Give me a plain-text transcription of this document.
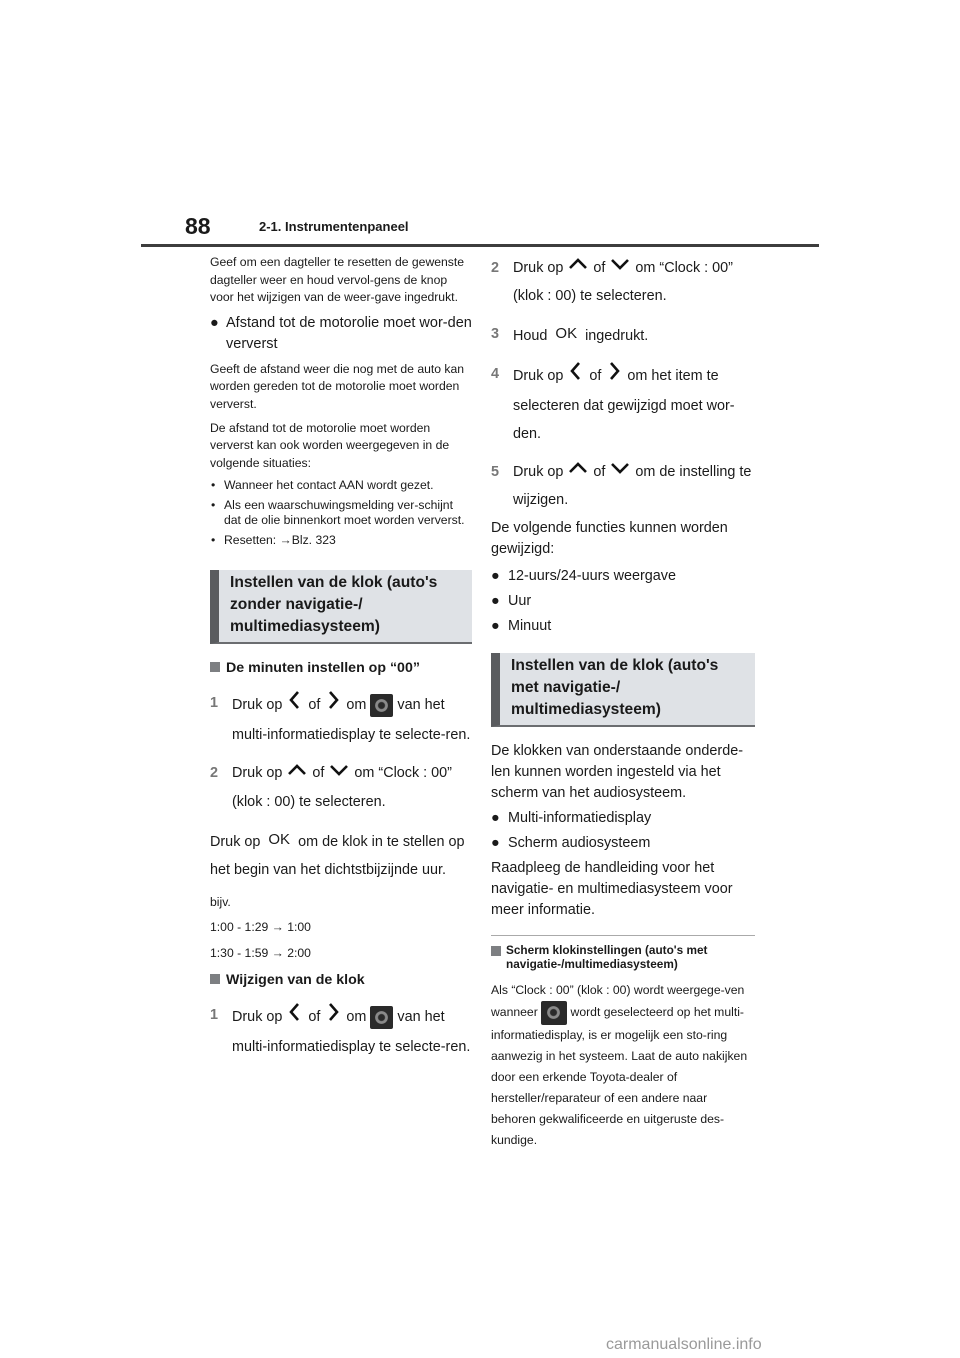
88	2-1. Instrumentenpaneel

Geef om een dagteller te resetten de gewenste dagteller weer en houd vervol-gens de knop voor het wijzigen van de weer-gave ingedrukt.

● Afstand tot de motorolie moet wor-den ververst

Geeft de afstand weer die nog met de auto kan worden gereden tot de motorolie moet worden ververst.

De afstand tot de motorolie moet worden ververst kan ook worden weergegeven in de volgende situaties:

• Wanneer het contact AAN wordt gezet.
• Als een waarschuwingsmelding ver-schijnt dat de olie binnenkort moet worden ververst.
• Resetten: →Blz. 323
Instellen van de klok (auto's zonder navigatie-/ multimediasysteem)
De minuten instellen op “00”
1 Druk op of om van het multi-informatiedisplay te selecte-ren.
2 Druk op of om “Clock : 00” (klok : 00) te selecteren.
Druk op OK om de klok in te stellen op het begin van het dichtstbijzijnde uur.

bijv.

1:00 - 1:29 → 1:00

1:30 - 1:59 → 2:00

Wijzigen van de klok
1 Druk op of om van het multi-informatiedisplay te selecte-ren.
2 Druk op of om “Clock : 00” (klok : 00) te selecteren.
3 Houd OK ingedrukt.
4 Druk op of om het item te selecteren dat gewijzigd moet wor-den.
5 Druk op of om de instelling te wijzigen.

De volgende functies kunnen worden gewijzigd:

● 12-uurs/24-uurs weergave
● Uur
● Minuut
Instellen van de klok (auto's met navigatie-/ multimediasysteem)

De klokken van onderstaande onderde-len kunnen worden ingesteld via het scherm van het audiosysteem.

● Multi-informatiedisplay
● Scherm audiosysteem

Raadpleeg de handleiding voor het navigatie- en multimediasysteem voor meer informatie.

Scherm klokinstellingen (auto's met navigatie-/multimediasysteem)

Als “Clock : 00” (klok : 00) wordt weergege-ven wanneer	wordt geselecteerd op het multi-informatiedisplay, is er mogelijk een sto-ring aanwezig in het systeem. Laat de auto nakijken door een erkende Toyota-dealer of hersteller/reparateur of een andere naar behoren gekwalificeerde en uitgeruste des-kundige.

carmanualsonline.info
